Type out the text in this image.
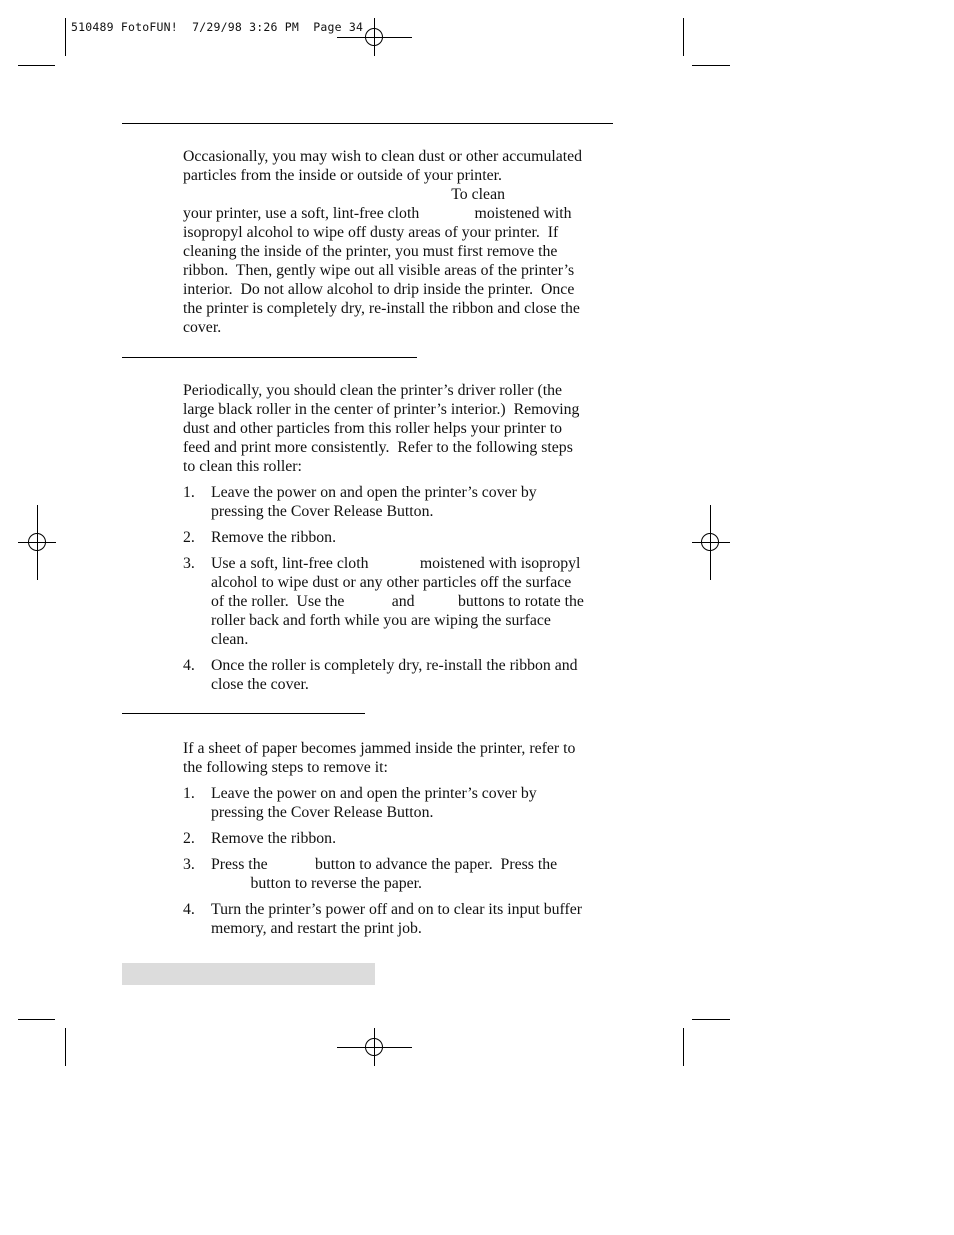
510489 FotoFUN!  7/29/98 3:26 PM  Page 34
Occasionally, you may wish to clean dust or other accumulated
particles from the inside or outside of your printer.
To clean
your printer, use a soft, lint-free cloth              moistened with
isopropyl alcohol to wipe off dusty areas of your printer.  If
cleaning the inside of the printer, you must first remove the
ribbon.  Then, gently wipe out all visible areas of the printer’s
interior.  Do not allow alcohol to drip inside the printer.  Once
the printer is completely dry, re-install the ribbon and close the
cover.
Periodically, you should clean the printer’s driver roller (the
large black roller in the center of printer’s interior.)  Removing
dust and other particles from this roller helps your printer to
feed and print more consistently.  Refer to the following steps
to clean this roller:
1. Leave the power on and open the printer’s cover by
pressing the Cover Release Button.
2. Remove the ribbon.
3. Use a soft, lint-free cloth             moistened with isopropyl
alcohol to wipe dust or any other particles off the surface
of the roller.  Use the            and           buttons to rotate the
roller back and forth while you are wiping the surface
clean.
4. Once the roller is completely dry, re-install the ribbon and
close the cover.
If a sheet of paper becomes jammed inside the printer, refer to
the following steps to remove it:
1. Leave the power on and open the printer’s cover by
pressing the Cover Release Button.
2. Remove the ribbon.
3. Press the            button to advance the paper.  Press the
button to reverse the paper.
4. Turn the printer’s power off and on to clear its input buffer
memory, and restart the print job.
